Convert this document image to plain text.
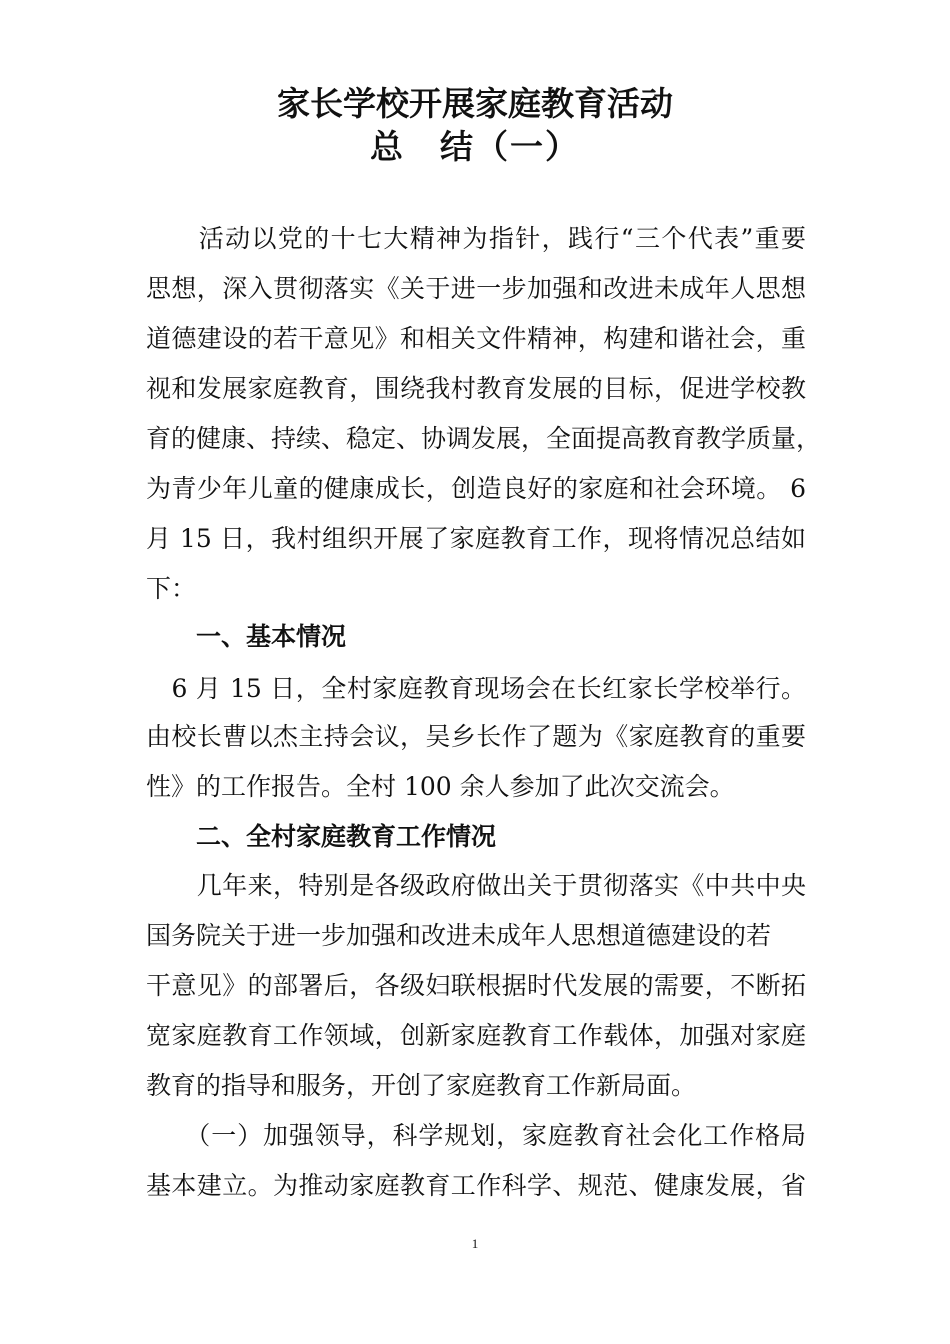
家长学校开展家庭教育活动
总　结（一）

　　活动以党的十七大精神为指针，践行“三个代表”重要

思想，深入贯彻落实《关于进一步加强和改进未成年人思想

道德建设的若干意见》和相关文件精神，构建和谐社会，重

视和发展家庭教育，围绕我村教育发展的目标，促进学校教

育的健康、持续、稳定、协调发展，全面提高教育教学质量，

为青少年儿童的健康成长，创造良好的家庭和社会环境。 6

月 15 日，我村组织开展了家庭教育工作，现将情况总结如

下：

一、基本情况

　6 月 15 日，全村家庭教育现场会在长红家长学校举行。

由校长曹以杰主持会议，吴乡长作了题为《家庭教育的重要

性》的工作报告。全村 100 余人参加了此次交流会。

二、全村家庭教育工作情况

　　几年来，特别是各级政府做出关于贯彻落实《中共中央

国务院关于进一步加强和改进未成年人思想道德建设的若

干意见》的部署后，各级妇联根据时代发展的需要，不断拓

宽家庭教育工作领域，创新家庭教育工作载体，加强对家庭

教育的指导和服务，开创了家庭教育工作新局面。

　　（一）加强领导，科学规划，家庭教育社会化工作格局

基本建立。为推动家庭教育工作科学、规范、健康发展，省

1
